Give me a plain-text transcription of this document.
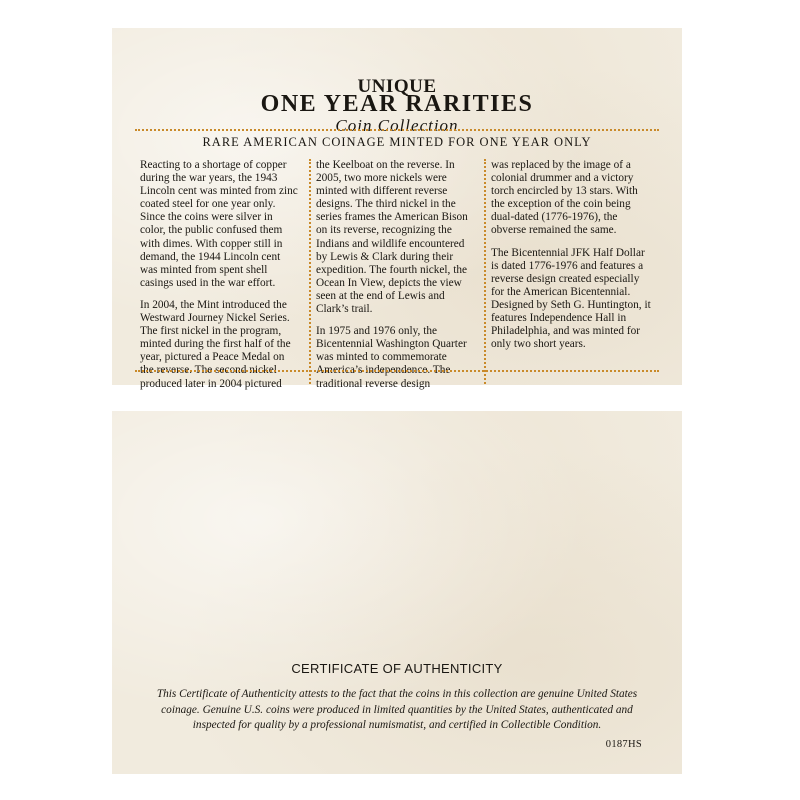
UNIQUE
ONE YEAR RARITIES
Coin Collection
RARE AMERICAN COINAGE MINTED FOR ONE YEAR ONLY

Reacting to a shortage of copper during the war years, the 1943 Lincoln cent was minted from zinc coated steel for one year only. Since the coins were silver in color, the public confused them with dimes. With copper still in demand, the 1944 Lincoln cent was minted from spent shell casings used in the war effort.

In 2004, the Mint introduced the Westward Journey Nickel Series. The first nickel in the program, minted during the first half of the year, pictured a Peace Medal on the reverse. The second nickel produced later in 2004 pictured

the Keelboat on the reverse. In 2005, two more nickels were minted with different reverse designs. The third nickel in the series frames the American Bison on its reverse, recognizing the Indians and wildlife encountered by Lewis & Clark during their expedition. The fourth nickel, the Ocean In View, depicts the view seen at the end of Lewis and Clark’s trail.

In 1975 and 1976 only, the Bicentennial Washington Quarter was minted to commemorate America’s independence. The traditional reverse design

was replaced by the image of a colonial drummer and a victory torch encircled by 13 stars. With the exception of the coin being dual-dated (1776-1976), the obverse remained the same.

The Bicentennial JFK Half Dollar is dated 1776-1976 and features a reverse design created especially for the American Bicentennial. Designed by Seth G. Huntington, it features Independence Hall in Philadelphia, and was minted for only two short years.

CERTIFICATE OF AUTHENTICITY
This Certificate of Authenticity attests to the fact that the coins in this collection are genuine United States coinage. Genuine U.S. coins were produced in limited quantities by the United States, authenticated and inspected for quality by a professional numismatist, and certified in Collectible Condition.
0187HS
